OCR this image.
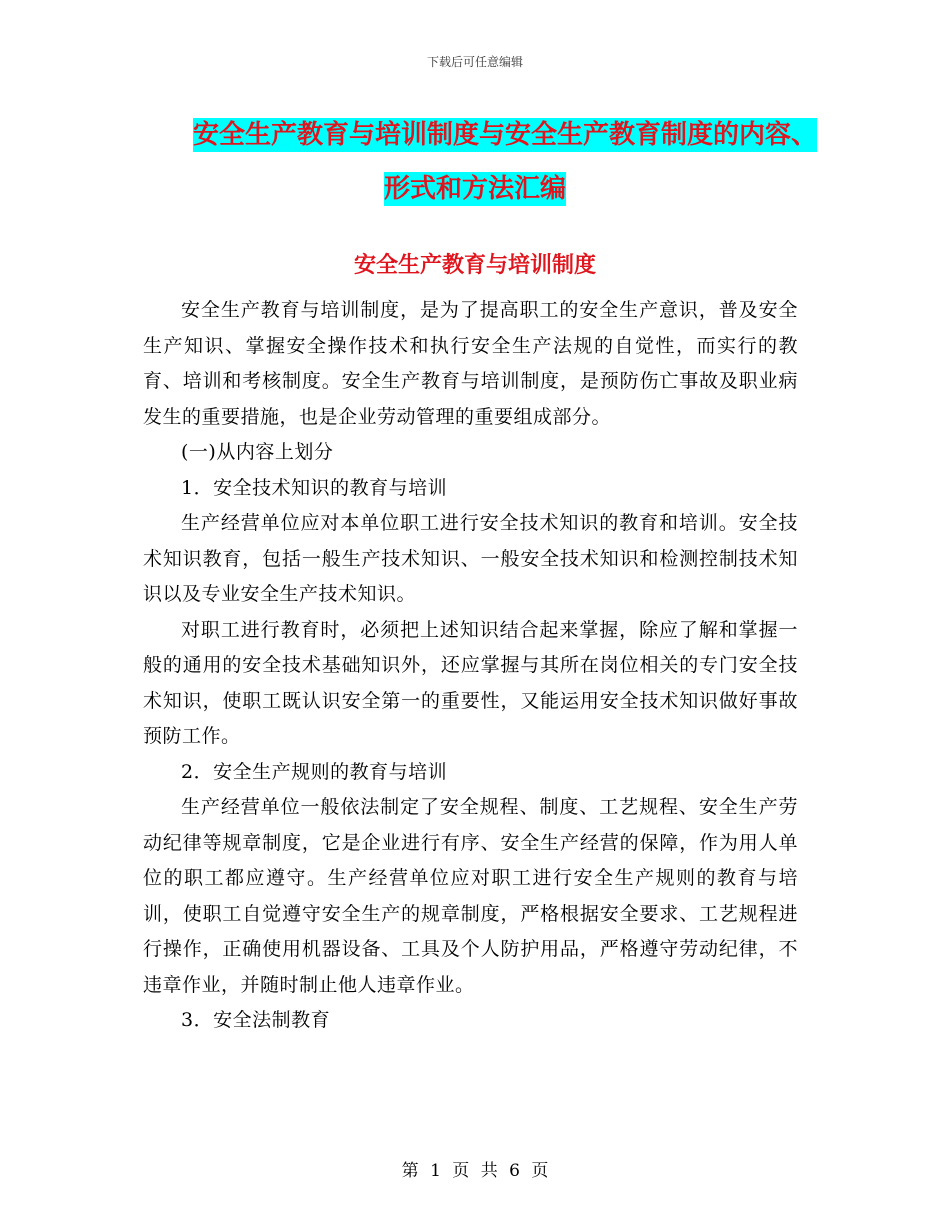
下载后可任意编辑
安全生产教育与培训制度与安全生产教育制度的内容、
形式和方法汇编
安全生产教育与培训制度

安全生产教育与培训制度，是为了提高职工的安全生产意识，普及安全生产知识、掌握安全操作技术和执行安全生产法规的自觉性，而实行的教育、培训和考核制度。安全生产教育与培训制度，是预防伤亡事故及职业病发生的重要措施，也是企业劳动管理的重要组成部分。

(一)从内容上划分

1．安全技术知识的教育与培训

生产经营单位应对本单位职工进行安全技术知识的教育和培训。安全技术知识教育，包括一般生产技术知识、一般安全技术知识和检测控制技术知识以及专业安全生产技术知识。

对职工进行教育时，必须把上述知识结合起来掌握，除应了解和掌握一般的通用的安全技术基础知识外，还应掌握与其所在岗位相关的专门安全技术知识，使职工既认识安全第一的重要性，又能运用安全技术知识做好事故预防工作。

2．安全生产规则的教育与培训

生产经营单位一般依法制定了安全规程、制度、工艺规程、安全生产劳动纪律等规章制度，它是企业进行有序、安全生产经营的保障，作为用人单位的职工都应遵守。生产经营单位应对职工进行安全生产规则的教育与培训，使职工自觉遵守安全生产的规章制度，严格根据安全要求、工艺规程进行操作，正确使用机器设备、工具及个人防护用品，严格遵守劳动纪律，不违章作业，并随时制止他人违章作业。

3．安全法制教育

第 1 页 共 6 页
